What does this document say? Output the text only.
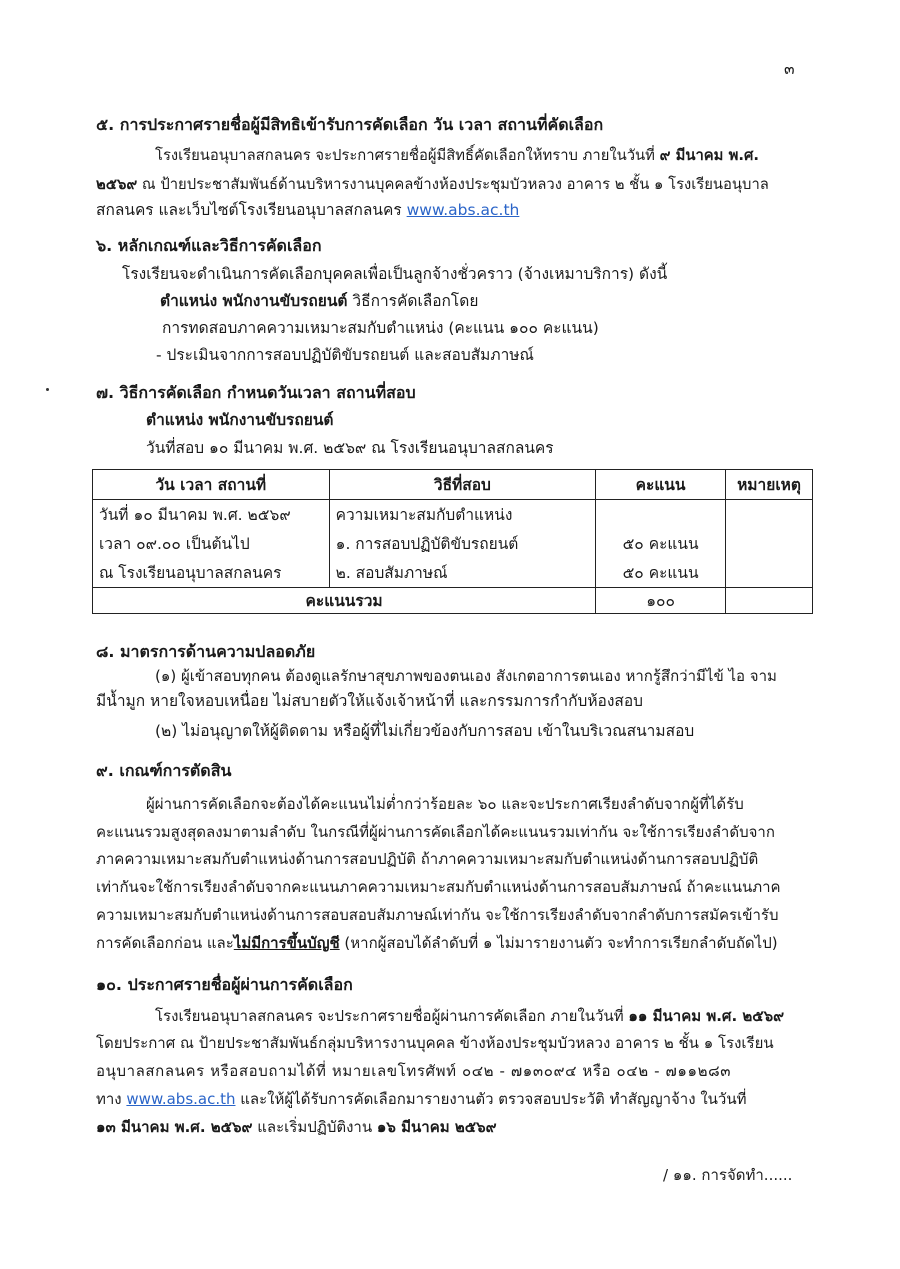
๓
๕. การประกาศรายชื่อผู้มีสิทธิเข้ารับการคัดเลือก วัน เวลา สถานที่คัดเลือก
โรงเรียนอนุบาลสกลนคร จะประกาศรายชื่อผู้มีสิทธิ์คัดเลือกให้ทราบ ภายในวันที่ ๙ มีนาคม พ.ศ.
๒๕๖๙ ณ ป้ายประชาสัมพันธ์ด้านบริหารงานบุคคลข้างห้องประชุมบัวหลวง อาคาร ๒ ชั้น ๑ โรงเรียนอนุบาล
สกลนคร และเว็บไซต์โรงเรียนอนุบาลสกลนคร www.abs.ac.th
๖. หลักเกณฑ์และวิธีการคัดเลือก
โรงเรียนจะดำเนินการคัดเลือกบุคคลเพื่อเป็นลูกจ้างชั่วคราว (จ้างเหมาบริการ) ดังนี้
ตำแหน่ง พนักงานขับรถยนต์ วิธีการคัดเลือกโดย
การทดสอบภาคความเหมาะสมกับตำแหน่ง (คะแนน ๑๐๐ คะแนน)
- ประเมินจากการสอบปฏิบัติขับรถยนต์ และสอบสัมภาษณ์
๗. วิธีการคัดเลือก กำหนดวันเวลา สถานที่สอบ
ตำแหน่ง พนักงานขับรถยนต์
วันที่สอบ ๑๐ มีนาคม พ.ศ. ๒๕๖๙ ณ โรงเรียนอนุบาลสกลนคร
วัน เวลา สถานที่	วิธีที่สอบ	คะแนน	หมายเหตุ
วันที่ ๑๐ มีนาคม พ.ศ. ๒๕๖๙	ความเหมาะสมกับตำแหน่ง		
เวลา ๐๙.๐๐ เป็นต้นไป	๑. การสอบปฏิบัติขับรถยนต์	๕๐ คะแนน	
ณ โรงเรียนอนุบาลสกลนคร	๒. สอบสัมภาษณ์	๕๐ คะแนน	
คะแนนรวม		๑๐๐	
๘. มาตรการด้านความปลอดภัย
(๑) ผู้เข้าสอบทุกคน ต้องดูแลรักษาสุขภาพของตนเอง สังเกตอาการตนเอง หากรู้สึกว่ามีไข้ ไอ จาม
มีน้ำมูก หายใจหอบเหนื่อย ไม่สบายตัวให้แจ้งเจ้าหน้าที่ และกรรมการกำกับห้องสอบ
(๒) ไม่อนุญาตให้ผู้ติดตาม หรือผู้ที่ไม่เกี่ยวข้องกับการสอบ เข้าในบริเวณสนามสอบ
๙. เกณฑ์การตัดสิน
ผู้ผ่านการคัดเลือกจะต้องได้คะแนนไม่ต่ำกว่าร้อยละ ๖๐ และจะประกาศเรียงลำดับจากผู้ที่ได้รับ
คะแนนรวมสูงสุดลงมาตามลำดับ ในกรณีที่ผู้ผ่านการคัดเลือกได้คะแนนรวมเท่ากัน จะใช้การเรียงลำดับจาก
ภาคความเหมาะสมกับตำแหน่งด้านการสอบปฏิบัติ ถ้าภาคความเหมาะสมกับตำแหน่งด้านการสอบปฏิบัติ
เท่ากันจะใช้การเรียงลำดับจากคะแนนภาคความเหมาะสมกับตำแหน่งด้านการสอบสัมภาษณ์ ถ้าคะแนนภาค
ความเหมาะสมกับตำแหน่งด้านการสอบสอบสัมภาษณ์เท่ากัน จะใช้การเรียงลำดับจากลำดับการสมัครเข้ารับ
การคัดเลือกก่อน และไม่มีการขึ้นบัญชี (หากผู้สอบได้ลำดับที่ ๑ ไม่มารายงานตัว จะทำการเรียกลำดับถัดไป)
๑๐. ประกาศรายชื่อผู้ผ่านการคัดเลือก
โรงเรียนอนุบาลสกลนคร จะประกาศรายชื่อผู้ผ่านการคัดเลือก ภายในวันที่ ๑๑ มีนาคม พ.ศ. ๒๕๖๙
โดยประกาศ ณ ป้ายประชาสัมพันธ์กลุ่มบริหารงานบุคคล ข้างห้องประชุมบัวหลวง อาคาร ๒ ชั้น ๑ โรงเรียน
อนุบาลสกลนคร หรือสอบถามได้ที่ หมายเลขโทรศัพท์ ๐๔๒ - ๗๑๓๐๙๔ หรือ ๐๔๒ - ๗๑๑๒๘๓
ทาง www.abs.ac.th และให้ผู้ได้รับการคัดเลือกมารายงานตัว ตรวจสอบประวัติ ทำสัญญาจ้าง ในวันที่
๑๓ มีนาคม พ.ศ. ๒๕๖๙ และเริ่มปฏิบัติงาน ๑๖ มีนาคม ๒๕๖๙
/ ๑๑. การจัดทำ......
